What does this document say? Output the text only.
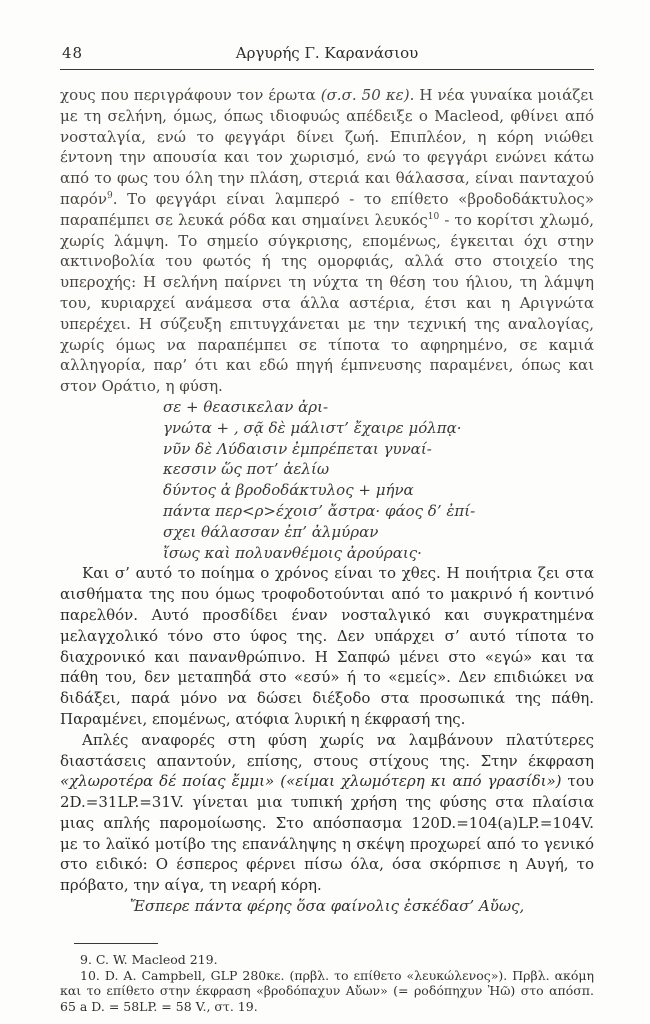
48	Αργυρής Γ. Καρανάσιου

χους που περιγράφουν τον έρωτα (σ.σ. 50 κε). Η νέα γυναίκα μοιάζει με τη σελήνη, όμως, όπως ιδιοφυώς απέδειξε ο Macleod, φθίνει από νοσταλγία, ενώ το φεγγάρι δίνει ζωή. Επιπλέον, η κόρη νιώθει έντονη την απουσία και τον χωρισμό, ενώ το φεγγάρι ενώνει κάτω από το φως του όλη την πλάση, στεριά και θάλασσα, είναι πανταχού παρόν$^9$. Το φεγγάρι είναι λαμπερό - το επίθετο «βροδοδάκτυλος» παραπέμπει σε λευκά ρόδα και σημαίνει λευκός$^{10}$ - το κορίτσι χλωμό, χωρίς λάμψη. Το σημείο σύγκρισης, επομένως, έγκειται όχι στην ακτινοβολία του φωτός ή της ομορφιάς, αλλά στο στοιχείο της υπεροχής: Η σελήνη παίρνει τη νύχτα τη θέση του ήλιου, τη λάμψη του, κυριαρχεί ανάμεσα στα άλλα αστέρια, έτσι και η Αριγνώτα υπερέχει. Η σύζευξη επιτυγχάνεται με την τεχνική της αναλογίας, χωρίς όμως να παραπέμπει σε τίποτα το αφηρημένο, σε καμιά αλληγορία, παρ’ ότι και εδώ πηγή έμπνευσης παραμένει, όπως και στον Οράτιο, η φύση.

σε + θεασικελαν ἀρι-
γνώτα + , σᾷ δὲ μάλιστ’ ἔχαιρε μόλπᾳ·
νῦν δὲ Λύδαισιν ἐμπρέπεται γυναί-
κεσσιν ὥς ποτ’ ἀελίω
δύντος ἀ βροδοδάκτυλος + μήνα
πάντα περ<ρ>έχοισ’ ἄστρα· φάος δ’ ἐπί-
σχει θάλασσαν ἐπ’ ἀλμύραν
ἴσως καὶ πολυανθέμοις ἀρούραις·

Και σ’ αυτό το ποίημα ο χρόνος είναι το χθες. Η ποιήτρια ζει στα αισθήματα της που όμως τροφοδοτούνται από το μακρινό ή κοντινό παρελθόν. Αυτό προσδίδει έναν νοσταλγικό και συγκρατημένα μελαγχολικό τόνο στο ύφος της. Δεν υπάρχει σ’ αυτό τίποτα το διαχρονικό και πανανθρώπινο. Η Σαπφώ μένει στο «εγώ» και τα πάθη του, δεν μεταπηδά στο «εσύ» ή το «εμείς». Δεν επιδιώκει να διδάξει, παρά μόνο να δώσει διέξοδο στα προσωπικά της πάθη. Παραμένει, επομένως, ατόφια λυρική η έκφρασή της.

Απλές αναφορές στη φύση χωρίς να λαμβάνουν πλατύτερες διαστάσεις απαντούν, επίσης, στους στίχους της. Στην έκφραση «χλωροτέρα δέ ποίας ἔμμι» («είμαι χλωμότερη κι από γρασίδι») του 2D.=31LP.=31V. γίνεται μια τυπική χρήση της φύσης στα πλαίσια μιας απλής παρομοίωσης. Στο απόσπασμα 120D.=104(a)LP.=104V. με το λαϊκό μοτίβο της επανάληψης η σκέψη προχωρεί από το γενικό στο ειδικό: Ο έσπερος φέρνει πίσω όλα, όσα σκόρπισε η Αυγή, το πρόβατο, την αίγα, τη νεαρή κόρη.

Ἔσπερε πάντα φέρης ὅσα φαίνολις ἐσκέδασ’ Αὔως,

9. C. W. Macleod 219.

10. D. A. Campbell, GLP 280κε. (πρβλ. το επίθετο «λευκώλενος»). Πρβλ. ακόμη και το επίθετο στην έκφραση «βροδόπαχυν Αὔων» (= ροδόπηχυν Ἠῶ) στο απόσπ. 65 a D. = 58LP. = 58 V., στ. 19.
